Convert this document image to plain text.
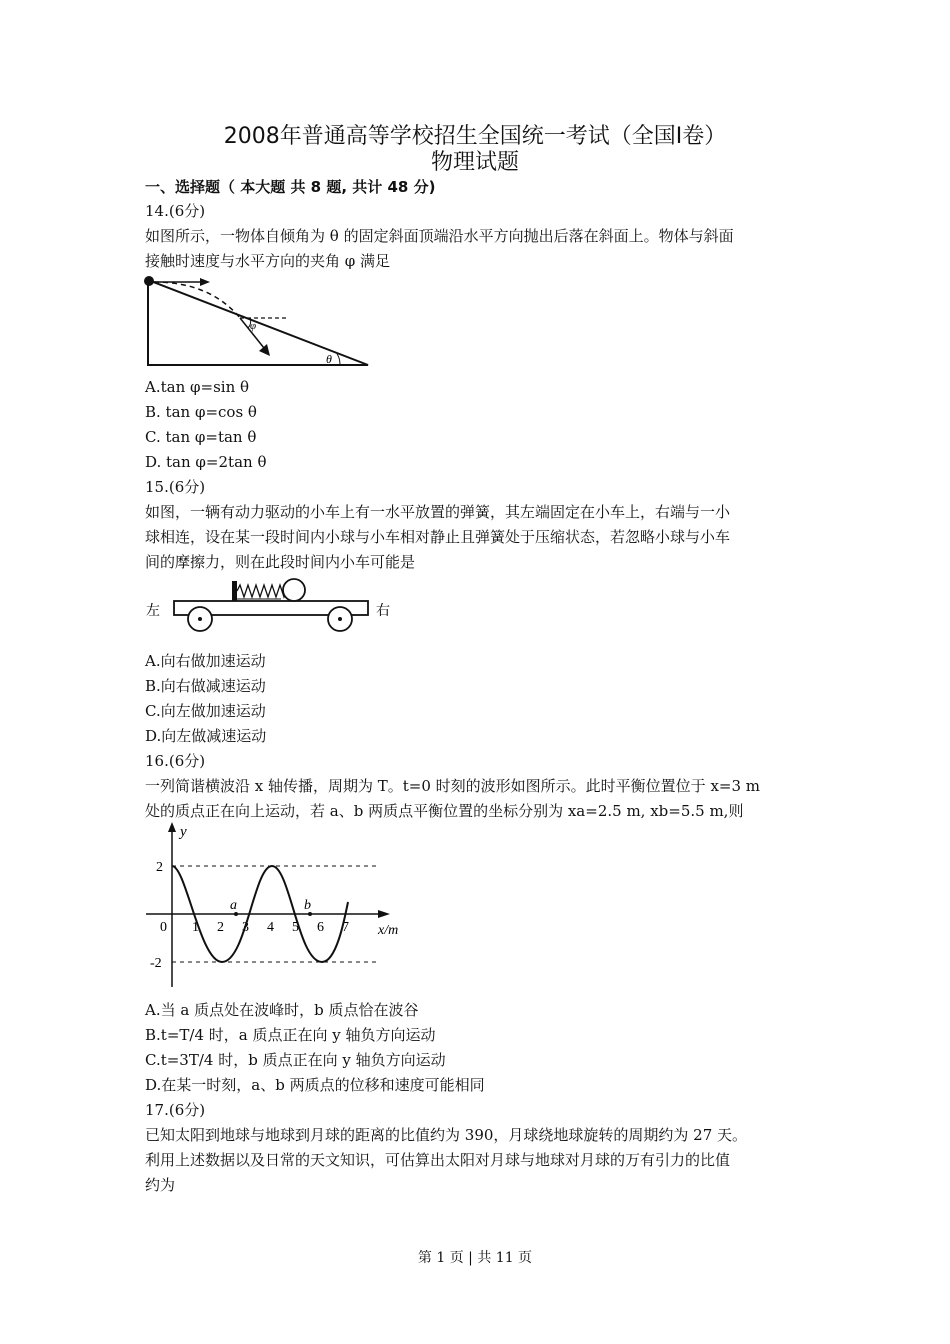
2008年普通高等学校招生全国统一考试（全国Ⅰ卷）
物理试题
一、选择题（ 本大题 共 8 题, 共计 48 分)
14.(6分)
如图所示，一物体自倾角为 θ 的固定斜面顶端沿水平方向抛出后落在斜面上。物体与斜面
接触时速度与水平方向的夹角 φ 满足
φ
θ
A.tan φ=sin θ
B. tan φ=cos θ
C. tan φ=tan θ
D. tan φ=2tan θ
15.(6分)
如图，一辆有动力驱动的小车上有一水平放置的弹簧，其左端固定在小车上，右端与一小
球相连，设在某一段时间内小球与小车相对静止且弹簧处于压缩状态，若忽略小球与小车
间的摩擦力，则在此段时间内小车可能是
左	右
A.向右做加速运动
B.向右做减速运动
C.向左做加速运动
D.向左做减速运动
16.(6分)
一列简谐横波沿 x 轴传播，周期为 T。t=0 时刻的波形如图所示。此时平衡位置位于 x=3 m
处的质点正在向上运动，若 a、b 两质点平衡位置的坐标分别为 xa=2.5 m, xb=5.5 m,则
y
x/m
2
-2
0 1 2 3 4 5 6 7
a	b
A.当 a 质点处在波峰时，b 质点恰在波谷
B.t=T/4 时，a 质点正在向 y 轴负方向运动
C.t=3T/4 时，b 质点正在向 y 轴负方向运动
D.在某一时刻，a、b 两质点的位移和速度可能相同
17.(6分)
已知太阳到地球与地球到月球的距离的比值约为 390，月球绕地球旋转的周期约为 27 天。
利用上述数据以及日常的天文知识，可估算出太阳对月球与地球对月球的万有引力的比值
约为
第 1 页 | 共 11 页
